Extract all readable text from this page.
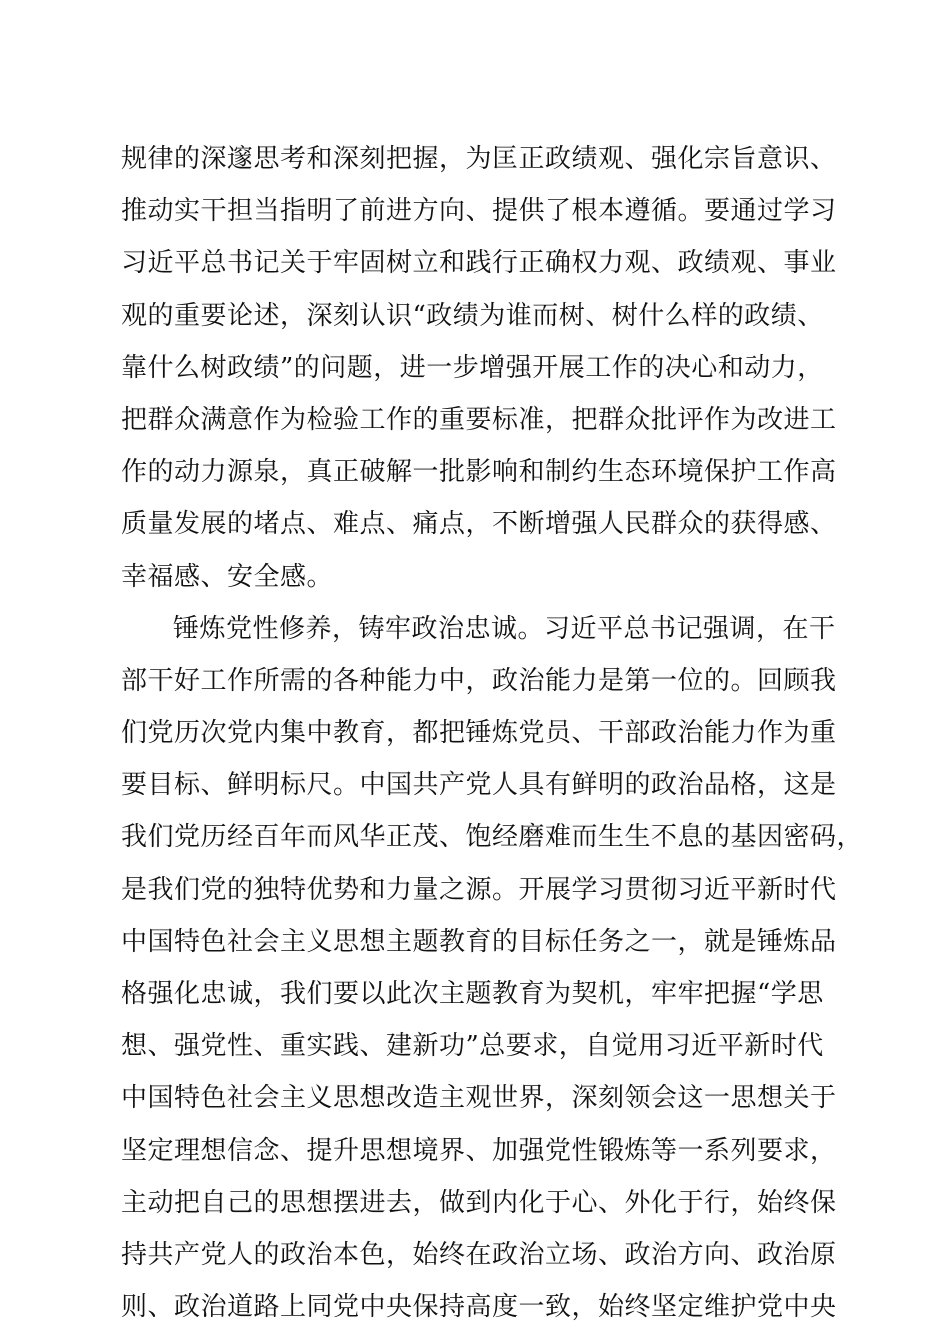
规律的深邃思考和深刻把握，为匡正政绩观、强化宗旨意识、
推动实干担当指明了前进方向、提供了根本遵循。要通过学习
习近平总书记关于牢固树立和践行正确权力观、政绩观、事业
观的重要论述，深刻认识“政绩为谁而树、树什么样的政绩、
靠什么树政绩”的问题，进一步增强开展工作的决心和动力，
把群众满意作为检验工作的重要标准，把群众批评作为改进工
作的动力源泉，真正破解一批影响和制约生态环境保护工作高
质量发展的堵点、难点、痛点，不断增强人民群众的获得感、
幸福感、安全感。
锤炼党性修养，铸牢政治忠诚。习近平总书记强调，在干
部干好工作所需的各种能力中，政治能力是第一位的。回顾我
们党历次党内集中教育，都把锤炼党员、干部政治能力作为重
要目标、鲜明标尺。中国共产党人具有鲜明的政治品格，这是
我们党历经百年而风华正茂、饱经磨难而生生不息的基因密码，
是我们党的独特优势和力量之源。开展学习贯彻习近平新时代
中国特色社会主义思想主题教育的目标任务之一，就是锤炼品
格强化忠诚，我们要以此次主题教育为契机，牢牢把握“学思
想、强党性、重实践、建新功”总要求，自觉用习近平新时代
中国特色社会主义思想改造主观世界，深刻领会这一思想关于
坚定理想信念、提升思想境界、加强党性锻炼等一系列要求，
主动把自己的思想摆进去，做到内化于心、外化于行，始终保
持共产党人的政治本色，始终在政治立场、政治方向、政治原
则、政治道路上同党中央保持高度一致，始终坚定维护党中央
